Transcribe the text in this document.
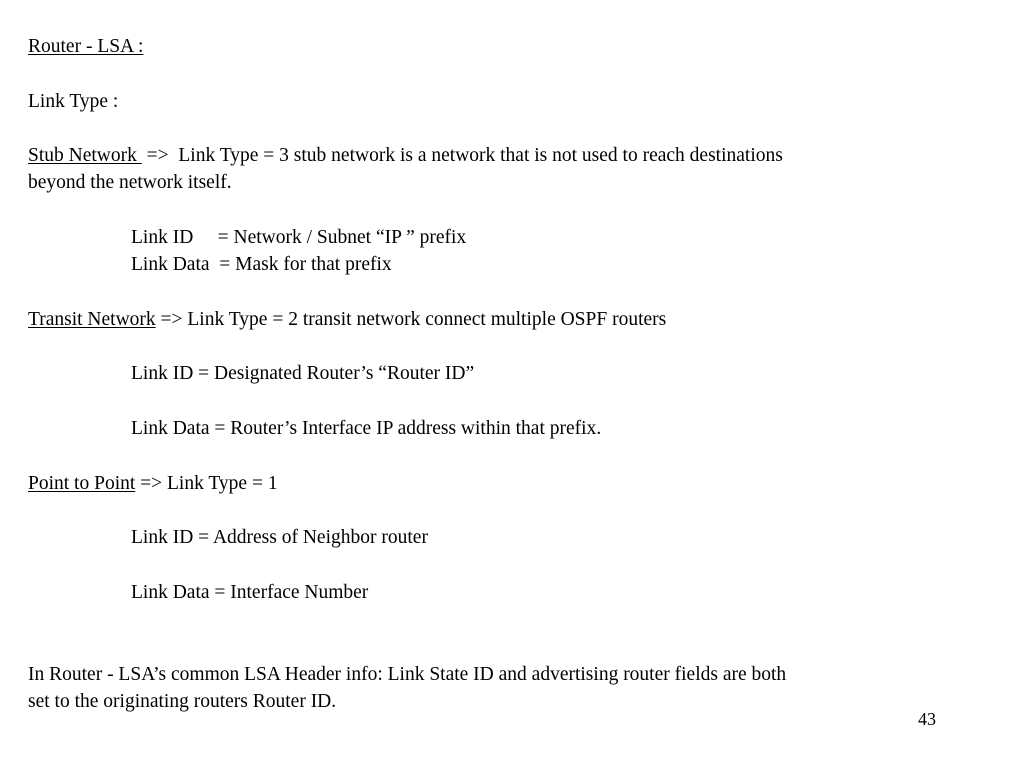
Router - LSA :
Link Type :
Stub Network  =>  Link Type = 3 stub network is a network that is not used to reach destinations
beyond the network itself.
Link ID     = Network / Subnet “IP ” prefix
Link Data  = Mask for that prefix
Transit Network => Link Type = 2 transit network connect multiple OSPF routers
Link ID = Designated Router’s “Router ID”
Link Data = Router’s Interface IP address within that prefix.
Point to Point => Link Type = 1
Link ID = Address of Neighbor router
Link Data = Interface Number
In Router - LSA’s common LSA Header info: Link State ID and advertising router fields are both
set to the originating routers Router ID.
43
